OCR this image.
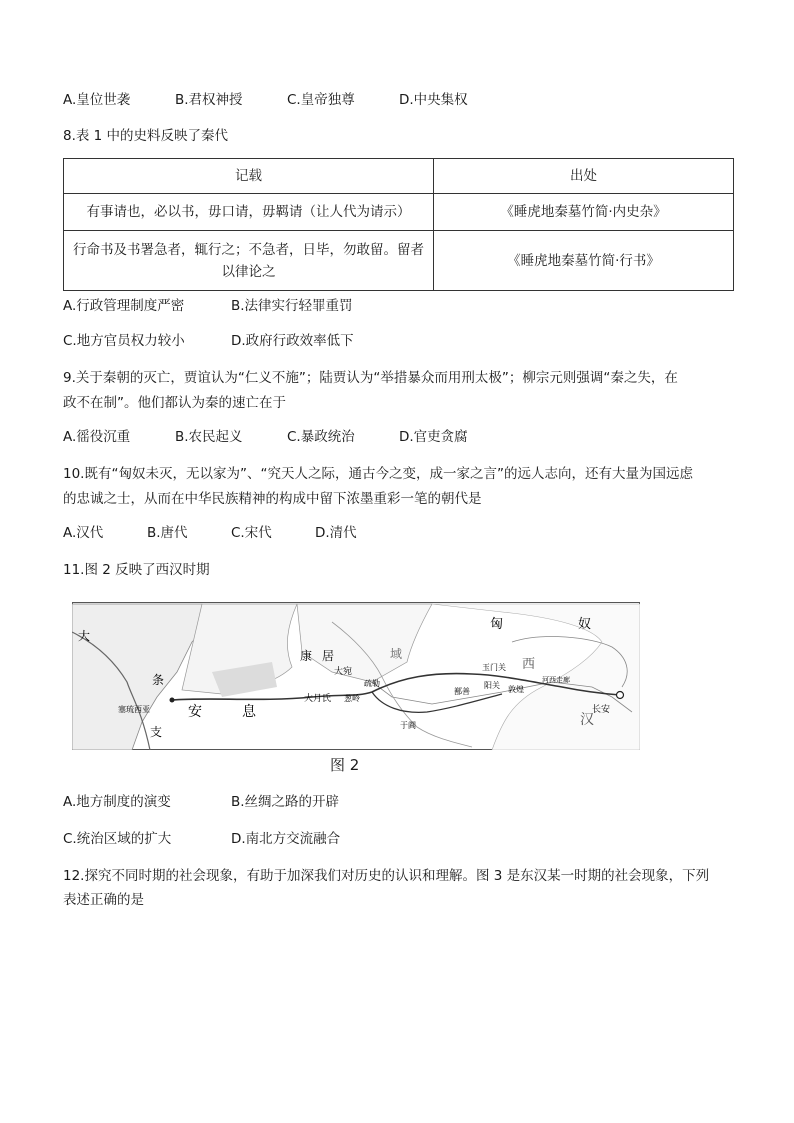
A.皇位世袭	B.君权神授	C.皇帝独尊	D.中央集权
8.表 1 中的史料反映了秦代
记载	出处
有事请也，必以书，毋口请，毋羁请（让人代为请示）	《睡虎地秦墓竹简·内史杂》
行命书及书署急者，辄行之；不急者，日毕，勿敢留。留者以律论之	《睡虎地秦墓竹简·行书》
A.行政管理制度严密	B.法律实行轻罪重罚
C.地方官员权力较小	D.政府行政效率低下
9.关于秦朝的灭亡，贾谊认为“仁义不施”；陆贾认为“举措暴众而用刑太极”；柳宗元则强调“秦之失，在
政不在制”。他们都认为秦的速亡在于
A.徭役沉重	B.农民起义	C.暴政统治	D.官吏贪腐
10.既有“匈奴未灭，无以家为”、“究天人之际，通古今之变，成一家之言”的远人志向，还有大量为国远虑
的忠诚之士，从而在中华民族精神的构成中留下浓墨重彩一笔的朝代是
A.汉代	B.唐代	C.宋代	D.清代
11.图 2 反映了西汉时期
匈	奴
大
条
支
安	息
康 居
大宛
大月氏
疏勒
葱岭
玉门关
敦煌
阳关
鄯善
于阗
河西走廊
塞琉西亚	长安
西
汉
域
图 2
A.地方制度的演变	B.丝绸之路的开辟
C.统治区域的扩大	D.南北方交流融合
12.探究不同时期的社会现象，有助于加深我们对历史的认识和理解。图 3 是东汉某一时期的社会现象，下列
表述正确的是
